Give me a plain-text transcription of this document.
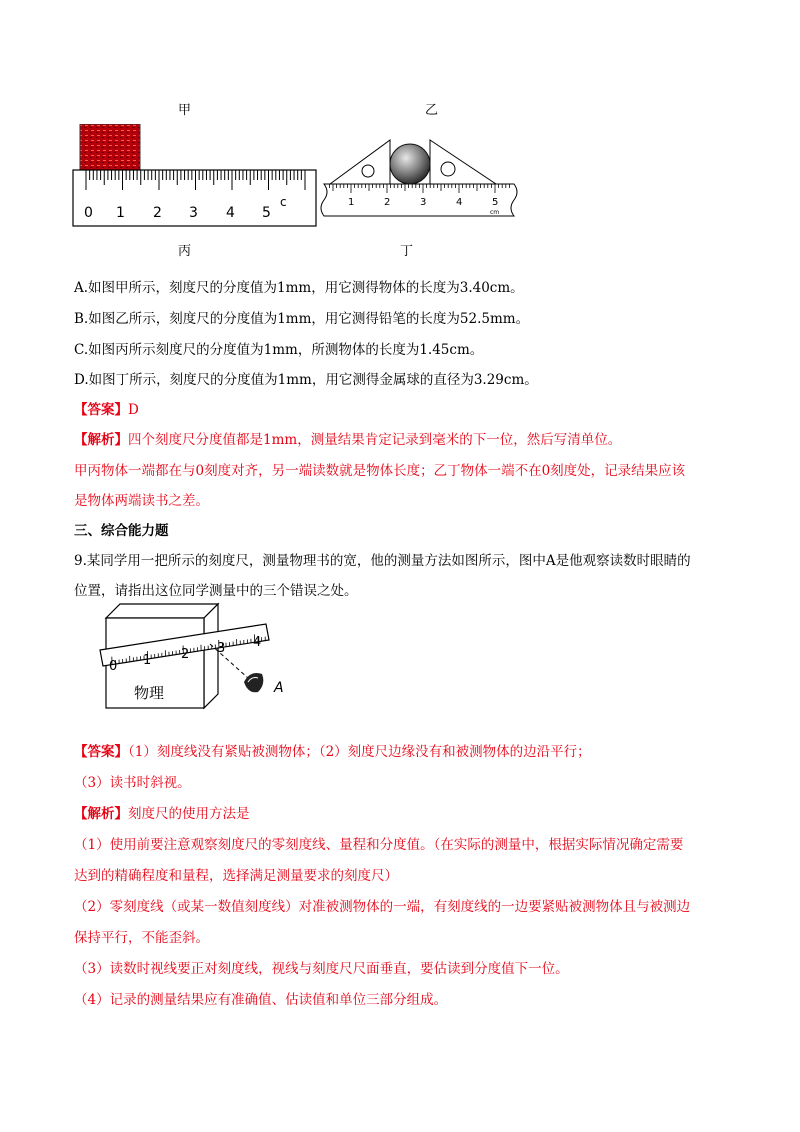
甲	乙
丙	丁
0 1 2 3 4 5
c	1	2	3	4	5
cm
A.如图甲所示，刻度尺的分度值为1mm，用它测得物体的长度为3.40cm。
B.如图乙所示，刻度尺的分度值为1mm，用它测得铅笔的长度为52.5mm。
C.如图丙所示刻度尺的分度值为1mm，所测物体的长度为1.45cm。
D.如图丁所示，刻度尺的分度值为1mm，用它测得金属球的直径为3.29cm。
【答案】D
【解析】四个刻度尺分度值都是1mm，测量结果肯定记录到毫米的下一位，然后写清单位。
甲丙物体一端都在与0刻度对齐，另一端读数就是物体长度；乙丁物体一端不在0刻度处，记录结果应该
是物体两端读书之差。
三、综合能力题
9.某同学用一把所示的刻度尺，测量物理书的宽，他的测量方法如图所示，图中A是他观察读数时眼睛的
位置，请指出这位同学测量中的三个错误之处。
物理
0 1 2 3 4
A
【答案】（1）刻度线没有紧贴被测物体；（2）刻度尺边缘没有和被测物体的边沿平行；
（3）读书时斜视。
【解析】刻度尺的使用方法是
（1）使用前要注意观察刻度尺的零刻度线、量程和分度值。（在实际的测量中，根据实际情况确定需要
达到的精确程度和量程，选择满足测量要求的刻度尺）
（2）零刻度线（或某一数值刻度线）对准被测物体的一端，有刻度线的一边要紧贴被测物体且与被测边
保持平行，不能歪斜。
（3）读数时视线要正对刻度线，视线与刻度尺尺面垂直，要估读到分度值下一位。
（4）记录的测量结果应有准确值、估读值和单位三部分组成。
